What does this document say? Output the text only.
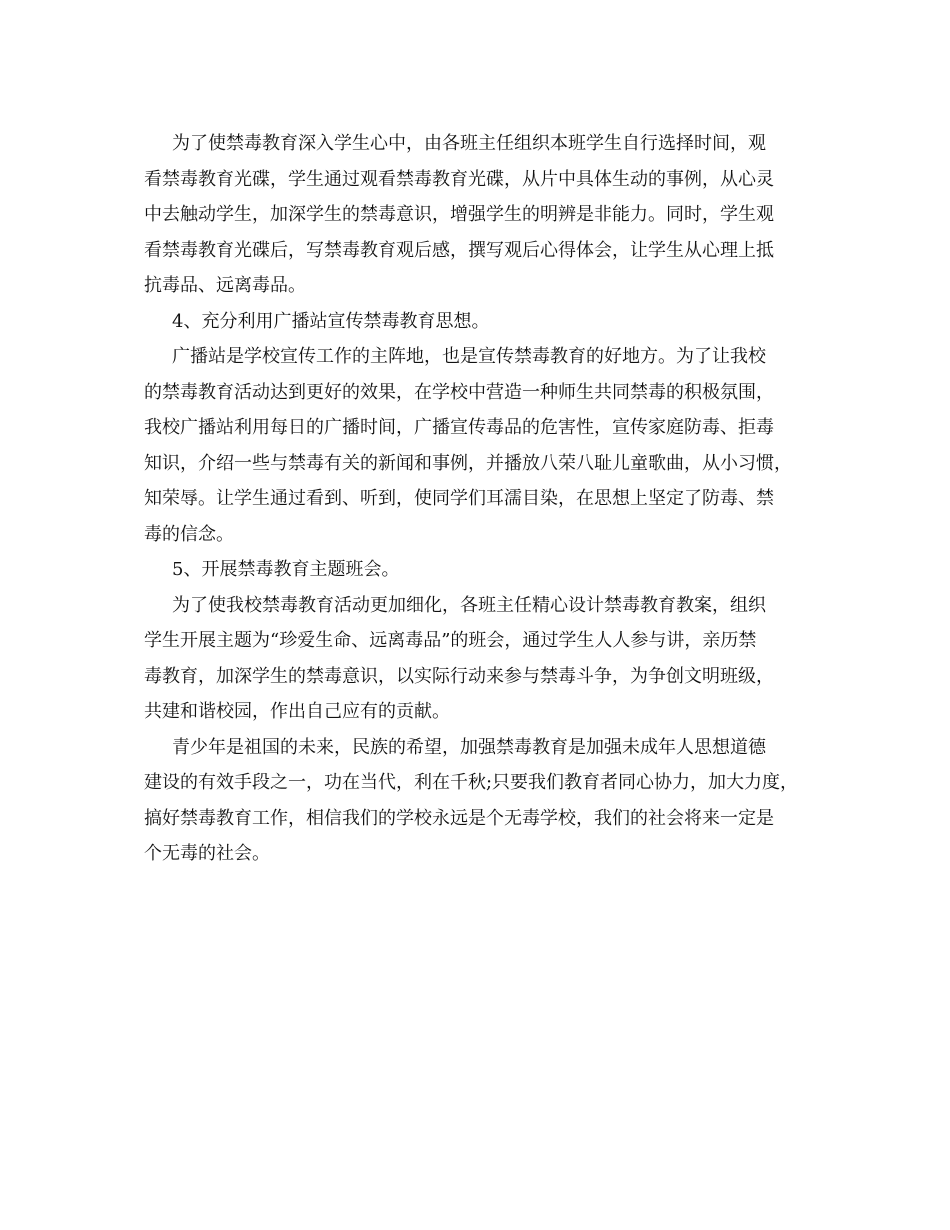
为了使禁毒教育深入学生心中，由各班主任组织本班学生自行选择时间，观
看禁毒教育光碟，学生通过观看禁毒教育光碟，从片中具体生动的事例，从心灵
中去触动学生，加深学生的禁毒意识，增强学生的明辨是非能力。同时，学生观
看禁毒教育光碟后，写禁毒教育观后感，撰写观后心得体会，让学生从心理上抵
抗毒品、远离毒品。
4、充分利用广播站宣传禁毒教育思想。
广播站是学校宣传工作的主阵地，也是宣传禁毒教育的好地方。为了让我校
的禁毒教育活动达到更好的效果，在学校中营造一种师生共同禁毒的积极氛围，
我校广播站利用每日的广播时间，广播宣传毒品的危害性，宣传家庭防毒、拒毒
知识，介绍一些与禁毒有关的新闻和事例，并播放八荣八耻儿童歌曲，从小习惯，
知荣辱。让学生通过看到、听到，使同学们耳濡目染，在思想上坚定了防毒、禁
毒的信念。
5、开展禁毒教育主题班会。
为了使我校禁毒教育活动更加细化，各班主任精心设计禁毒教育教案，组织
学生开展主题为“珍爱生命、远离毒品”的班会，通过学生人人参与讲，亲历禁
毒教育，加深学生的禁毒意识，以实际行动来参与禁毒斗争，为争创文明班级，
共建和谐校园，作出自己应有的贡献。
青少年是祖国的未来，民族的希望，加强禁毒教育是加强未成年人思想道德
建设的有效手段之一，功在当代，利在千秋;只要我们教育者同心协力，加大力度，
搞好禁毒教育工作，相信我们的学校永远是个无毒学校，我们的社会将来一定是
个无毒的社会。
